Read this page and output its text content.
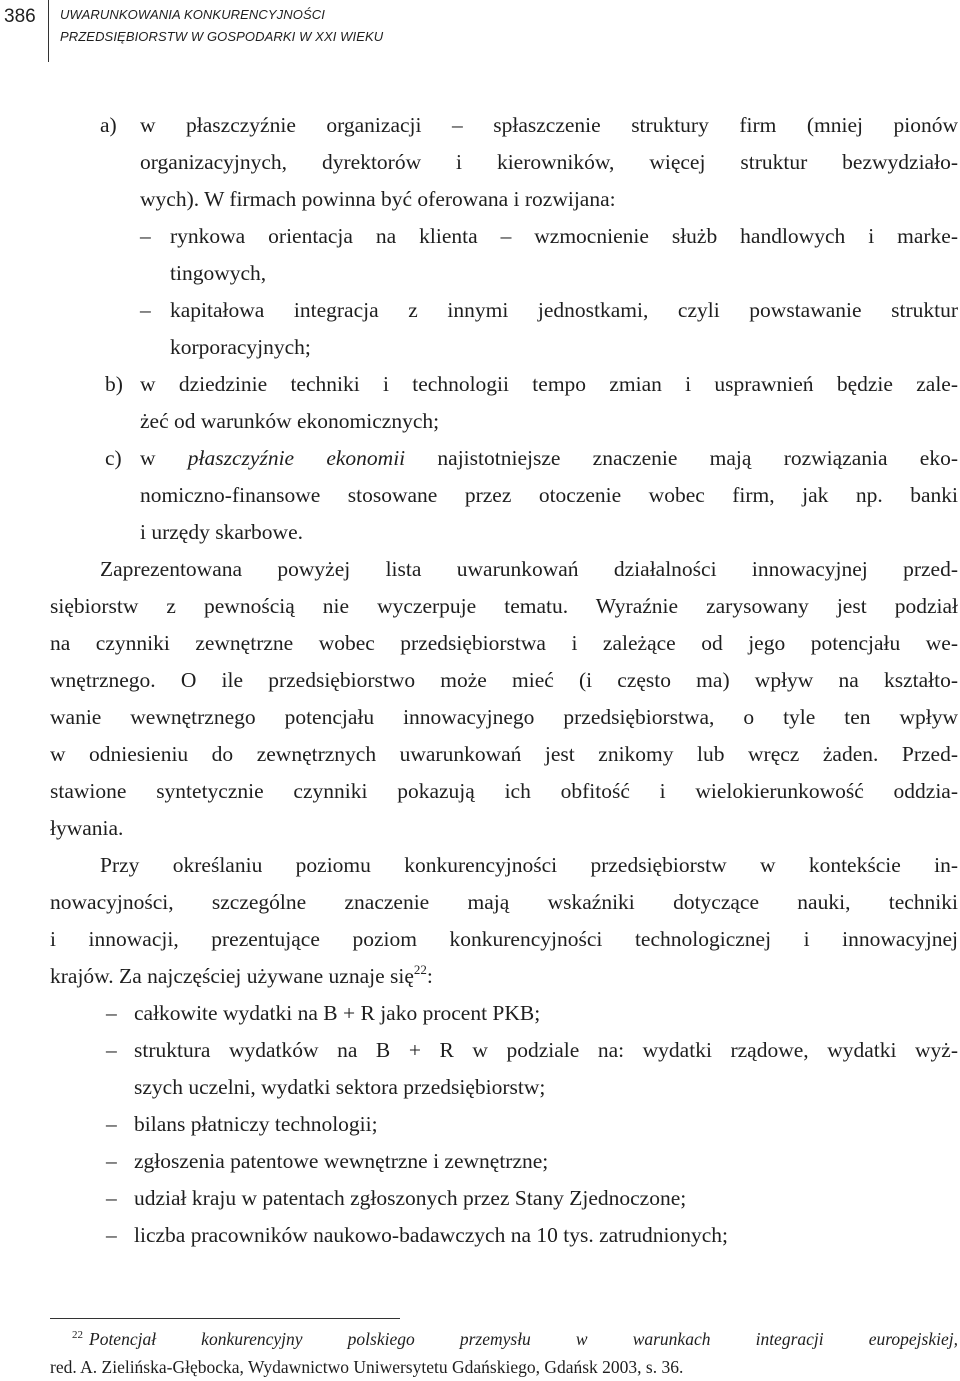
386 UWARUNKOWANIA KONKURENCYJNOŚCI
PRZEDSIĘBIORSTW W GOSPODARKI W XXI WIEKU
a) w płaszczyźnie organizacji – spłaszczenie struktury firm (mniej pionów
organizacyjnych, dyrektorów i kierowników, więcej struktur bezwydziało-
wych). W firmach powinna być oferowana i rozwijana:
– rynkowa orientacja na klienta – wzmocnienie służb handlowych i marke-
tingowych,
– kapitałowa integracja z innymi jednostkami, czyli powstawanie struktur
korporacyjnych;
b) w dziedzinie techniki i technologii tempo zmian i usprawnień będzie zale-
żeć od warunków ekonomicznych;
c) w płaszczyźnie ekonomii najistotniejsze znaczenie mają rozwiązania eko-
nomiczno-finansowe stosowane przez otoczenie wobec firm, jak np. banki
i urzędy skarbowe.
Zaprezentowana powyżej lista uwarunkowań działalności innowacyjnej przed-
siębiorstw z pewnością nie wyczerpuje tematu. Wyraźnie zarysowany jest podział
na czynniki zewnętrzne wobec przedsiębiorstwa i zależące od jego potencjału we-
wnętrznego. O ile przedsiębiorstwo może mieć (i często ma) wpływ na kształto-
wanie wewnętrznego potencjału innowacyjnego przedsiębiorstwa, o tyle ten wpływ
w odniesieniu do zewnętrznych uwarunkowań jest znikomy lub wręcz żaden. Przed-
stawione syntetycznie czynniki pokazują ich obfitość i wielokierunkowość oddzia-
ływania.
Przy określaniu poziomu konkurencyjności przedsiębiorstw w kontekście in-
nowacyjności, szczególne znaczenie mają wskaźniki dotyczące nauki, techniki
i innowacji, prezentujące poziom konkurencyjności technologicznej i innowacyjnej
krajów. Za najczęściej używane uznaje się$^{22}$:
– całkowite wydatki na B + R jako procent PKB;
– struktura wydatków na B + R w podziale na: wydatki rządowe, wydatki wyż-
szych uczelni, wydatki sektora przedsiębiorstw;
– bilans płatniczy technologii;
– zgłoszenia patentowe wewnętrzne i zewnętrzne;
– udział kraju w patentach zgłoszonych przez Stany Zjednoczone;
– liczba pracowników naukowo-badawczych na 10 tys. zatrudnionych;
$^{22}$ Potencjał konkurencyjny polskiego przemysłu w warunkach integracji europejskiej,
red. A. Zielińska-Głębocka, Wydawnictwo Uniwersytetu Gdańskiego, Gdańsk 2003, s. 36.
